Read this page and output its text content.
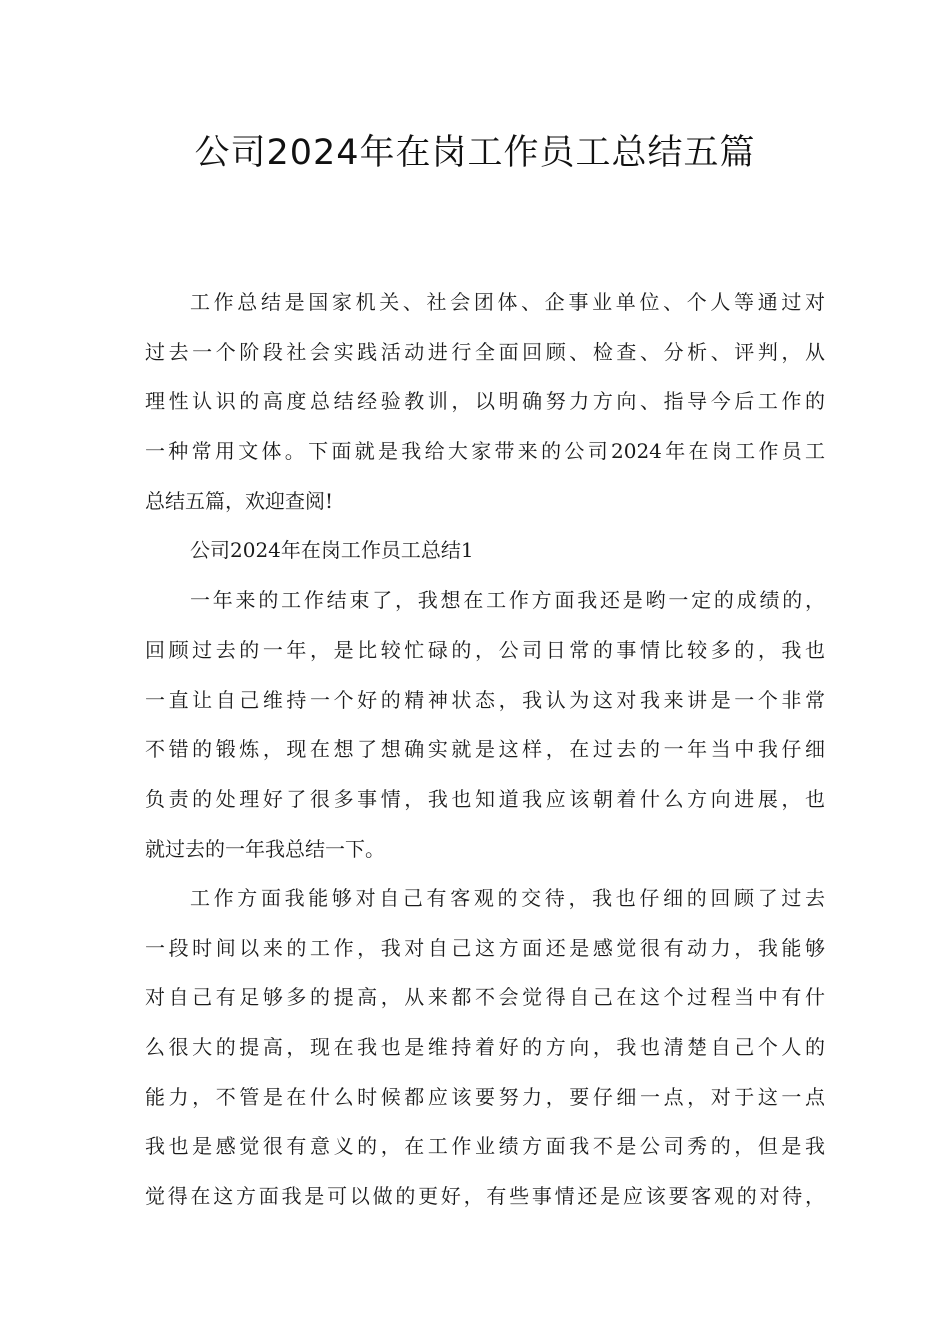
公司2024年在岗工作员工总结五篇
工作总结是国家机关、社会团体、企事业单位、个人等通过对
过去一个阶段社会实践活动进行全面回顾、检查、分析、评判，从
理性认识的高度总结经验教训，以明确努力方向、指导今后工作的
一种常用文体。下面就是我给大家带来的公司2024年在岗工作员工
总结五篇，欢迎查阅!
公司2024年在岗工作员工总结1
一年来的工作结束了，我想在工作方面我还是哟一定的成绩的，
回顾过去的一年，是比较忙碌的，公司日常的事情比较多的，我也
一直让自己维持一个好的精神状态，我认为这对我来讲是一个非常
不错的锻炼，现在想了想确实就是这样，在过去的一年当中我仔细
负责的处理好了很多事情，我也知道我应该朝着什么方向进展，也
就过去的一年我总结一下。
工作方面我能够对自己有客观的交待，我也仔细的回顾了过去
一段时间以来的工作，我对自己这方面还是感觉很有动力，我能够
对自己有足够多的提高，从来都不会觉得自己在这个过程当中有什
么很大的提高，现在我也是维持着好的方向，我也清楚自己个人的
能力，不管是在什么时候都应该要努力，要仔细一点，对于这一点
我也是感觉很有意义的，在工作业绩方面我不是公司秀的，但是我
觉得在这方面我是可以做的更好，有些事情还是应该要客观的对待，
